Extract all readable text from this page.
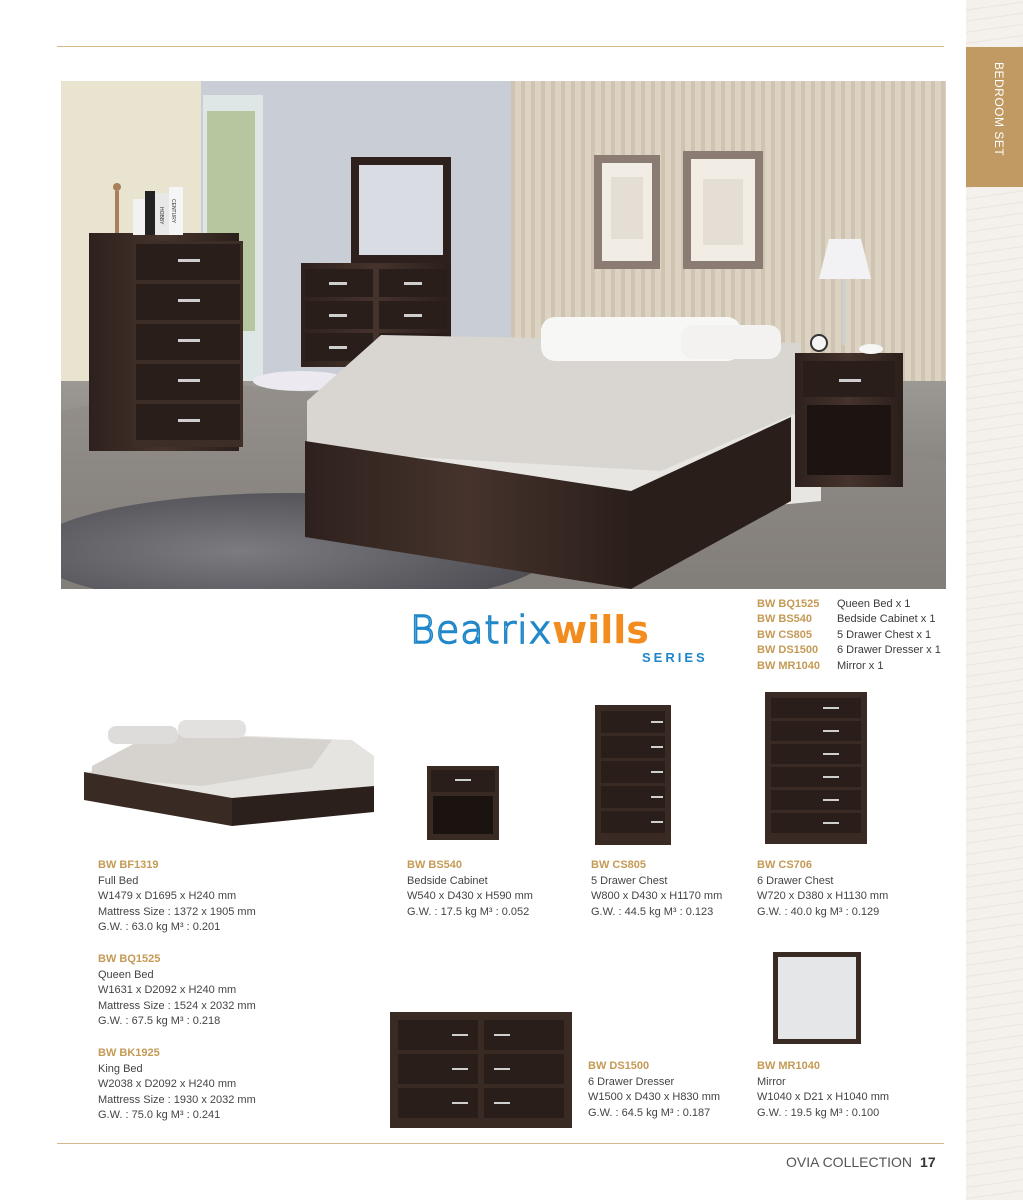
BEDROOM SET
HOBBY CENTURY
Beatrixwills
SERIES
BW BQ1525	Queen Bed x 1
BW BS540	Bedside Cabinet x 1
BW CS805	5 Drawer Chest x 1
BW DS1500	6 Drawer Dresser x 1
BW MR1040	Mirror x 1
BW BF1319
Full Bed
W1479 x D1695 x H240 mm
Mattress Size : 1372 x 1905 mm
G.W. : 63.0 kg M³ : 0.201
BW BQ1525
Queen Bed
W1631 x D2092 x H240 mm
Mattress Size : 1524 x 2032 mm
G.W. : 67.5 kg M³ : 0.218
BW BK1925
King Bed
W2038 x D2092 x H240 mm
Mattress Size : 1930 x 2032 mm
G.W. : 75.0 kg M³ : 0.241
BW BS540
Bedside Cabinet
W540 x D430 x H590 mm
G.W. : 17.5 kg M³ : 0.052
BW CS805
5 Drawer Chest
W800 x D430 x H1170 mm
G.W. : 44.5 kg M³ : 0.123
BW CS706
6 Drawer Chest
W720 x D380 x H1130 mm
G.W. : 40.0 kg M³ : 0.129
BW DS1500
6 Drawer Dresser
W1500 x D430 x H830 mm
G.W. : 64.5 kg M³ : 0.187
BW MR1040
Mirror
W1040 x D21 x H1040 mm
G.W. : 19.5 kg M³ : 0.100
OVIA COLLECTION 17
